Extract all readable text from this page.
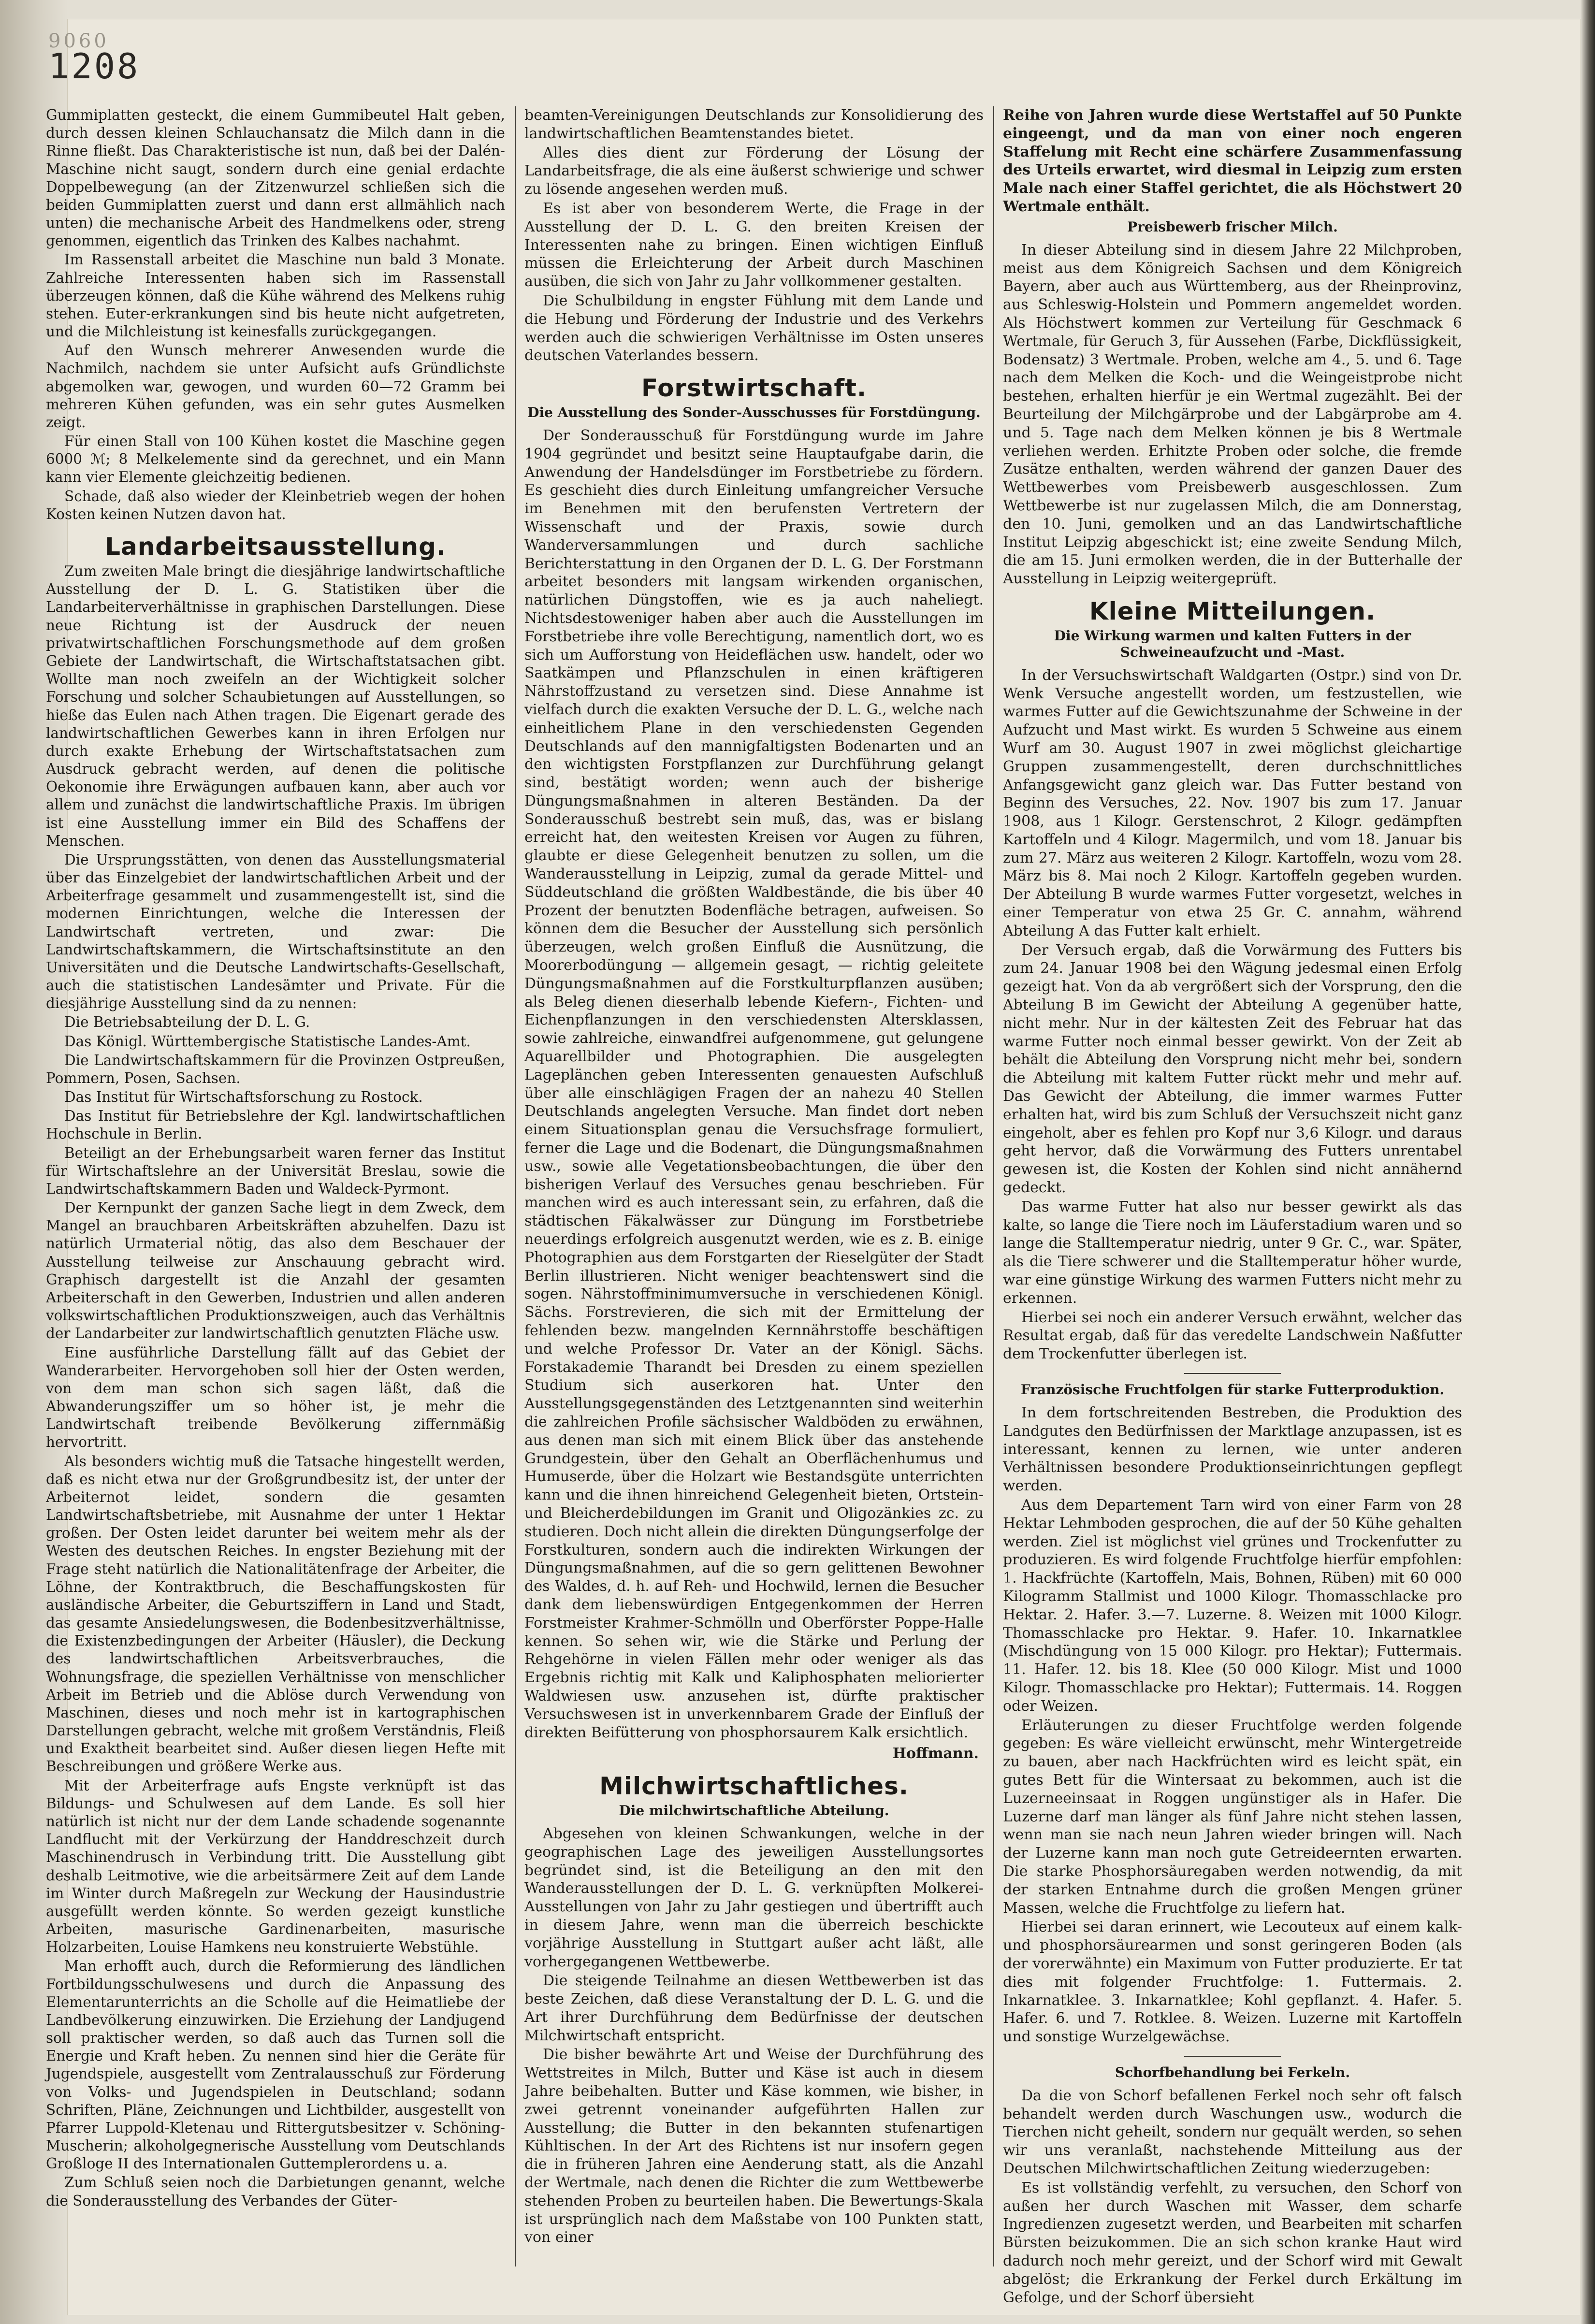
9060
1208

Gummiplatten gesteckt, die einem Gummibeutel Halt geben, durch dessen kleinen Schlauchansatz die Milch dann in die Rinne fließt. Das Charakteristische ist nun, daß bei der Dalén-Maschine nicht saugt, sondern durch eine genial erdachte Doppelbewegung (an der Zitzenwurzel schließen sich die beiden Gummiplatten zuerst und dann erst allmählich nach unten) die mechanische Arbeit des Handmelkens oder, streng genommen, eigentlich das Trinken des Kalbes nachahmt.

Im Rassenstall arbeitet die Maschine nun bald 3 Monate. Zahlreiche Interessenten haben sich im Rassenstall überzeugen können, daß die Kühe während des Melkens ruhig stehen. Euter-erkrankungen sind bis heute nicht aufgetreten, und die Milchleistung ist keinesfalls zurückgegangen.

Auf den Wunsch mehrerer Anwesenden wurde die Nachmilch, nachdem sie unter Aufsicht aufs Gründlichste abgemolken war, gewogen, und wurden 60—72 Gramm bei mehreren Kühen gefunden, was ein sehr gutes Ausmelken zeigt.

Für einen Stall von 100 Kühen kostet die Maschine gegen 6000 ℳ; 8 Melkelemente sind da gerechnet, und ein Mann kann vier Elemente gleichzeitig bedienen.

Schade, daß also wieder der Kleinbetrieb wegen der hohen Kosten keinen Nutzen davon hat.

Landarbeitsausstellung.

Zum zweiten Male bringt die diesjährige landwirtschaftliche Ausstellung der D. L. G. Statistiken über die Landarbeiterverhältnisse in graphischen Darstellungen. Diese neue Richtung ist der Ausdruck der neuen privatwirtschaftlichen Forschungsmethode auf dem großen Gebiete der Landwirtschaft, die Wirtschaftstatsachen gibt. Wollte man noch zweifeln an der Wichtigkeit solcher Forschung und solcher Schaubietungen auf Ausstellungen, so hieße das Eulen nach Athen tragen. Die Eigenart gerade des landwirtschaftlichen Gewerbes kann in ihren Erfolgen nur durch exakte Erhebung der Wirtschaftstatsachen zum Ausdruck gebracht werden, auf denen die politische Oekonomie ihre Erwägungen aufbauen kann, aber auch vor allem und zunächst die landwirtschaftliche Praxis. Im übrigen ist eine Ausstellung immer ein Bild des Schaffens der Menschen.

Die Ursprungsstätten, von denen das Ausstellungsmaterial über das Einzelgebiet der landwirtschaftlichen Arbeit und der Arbeiterfrage gesammelt und zusammengestellt ist, sind die modernen Einrichtungen, welche die Interessen der Landwirtschaft vertreten, und zwar: Die Landwirtschaftskammern, die Wirtschaftsinstitute an den Universitäten und die Deutsche Landwirtschafts-Gesellschaft, auch die statistischen Landesämter und Private. Für die diesjährige Ausstellung sind da zu nennen:

Die Betriebsabteilung der D. L. G.

Das Königl. Württembergische Statistische Landes-Amt.

Die Landwirtschaftskammern für die Provinzen Ostpreußen, Pommern, Posen, Sachsen.

Das Institut für Wirtschaftsforschung zu Rostock.

Das Institut für Betriebslehre der Kgl. landwirtschaftlichen Hochschule in Berlin.

Beteiligt an der Erhebungsarbeit waren ferner das Institut für Wirtschaftslehre an der Universität Breslau, sowie die Landwirtschaftskammern Baden und Waldeck-Pyrmont.

Der Kernpunkt der ganzen Sache liegt in dem Zweck, dem Mangel an brauchbaren Arbeitskräften abzuhelfen. Dazu ist natürlich Urmaterial nötig, das also dem Beschauer der Ausstellung teilweise zur Anschauung gebracht wird. Graphisch dargestellt ist die Anzahl der gesamten Arbeiterschaft in den Gewerben, Industrien und allen anderen volkswirtschaftlichen Produktionszweigen, auch das Verhältnis der Landarbeiter zur landwirtschaftlich genutzten Fläche usw.

Eine ausführliche Darstellung fällt auf das Gebiet der Wanderarbeiter. Hervorgehoben soll hier der Osten werden, von dem man schon sich sagen läßt, daß die Abwanderungsziffer um so höher ist, je mehr die Landwirtschaft treibende Bevölkerung ziffernmäßig hervortritt.

Als besonders wichtig muß die Tatsache hingestellt werden, daß es nicht etwa nur der Großgrundbesitz ist, der unter der Arbeiternot leidet, sondern die gesamten Landwirtschaftsbetriebe, mit Ausnahme der unter 1 Hektar großen. Der Osten leidet darunter bei weitem mehr als der Westen des deutschen Reiches. In engster Beziehung mit der Frage steht natürlich die Nationalitätenfrage der Arbeiter, die Löhne, der Kontraktbruch, die Beschaffungskosten für ausländische Arbeiter, die Geburtsziffern in Land und Stadt, das gesamte Ansiedelungswesen, die Bodenbesitzverhältnisse, die Existenzbedingungen der Arbeiter (Häusler), die Deckung des landwirtschaftlichen Arbeitsverbrauches, die Wohnungsfrage, die speziellen Verhältnisse von menschlicher Arbeit im Betrieb und die Ablöse durch Verwendung von Maschinen, dieses und noch mehr ist in kartographischen Darstellungen gebracht, welche mit großem Verständnis, Fleiß und Exaktheit bearbeitet sind. Außer diesen liegen Hefte mit Beschreibungen und größere Werke aus.

Mit der Arbeiterfrage aufs Engste verknüpft ist das Bildungs- und Schulwesen auf dem Lande. Es soll hier natürlich ist nicht nur der dem Lande schadende sogenannte Landflucht mit der Verkürzung der Handdreschzeit durch Maschinendrusch in Verbindung tritt. Die Ausstellung gibt deshalb Leitmotive, wie die arbeitsärmere Zeit auf dem Lande im Winter durch Maßregeln zur Weckung der Hausindustrie ausgefüllt werden könnte. So werden gezeigt kunstliche Arbeiten, masurische Gardinenarbeiten, masurische Holzarbeiten, Louise Hamkens neu konstruierte Webstühle.

Man erhofft auch, durch die Reformierung des ländlichen Fortbildungsschulwesens und durch die Anpassung des Elementarunterrichts an die Scholle auf die Heimatliebe der Landbevölkerung einzuwirken. Die Erziehung der Landjugend soll praktischer werden, so daß auch das Turnen soll die Energie und Kraft heben. Zu nennen sind hier die Geräte für Jugendspiele, ausgestellt vom Zentralausschuß zur Förderung von Volks- und Jugendspielen in Deutschland; sodann Schriften, Pläne, Zeichnungen und Lichtbilder, ausgestellt von Pfarrer Luppold-Kletenau und Rittergutsbesitzer v. Schöning-Muscherin; alkoholgegnerische Ausstellung vom Deutschlands Großloge II des Internationalen Guttemplerordens u. a.

Zum Schluß seien noch die Darbietungen genannt, welche die Sonderausstellung des Verbandes der Güter-

beamten-Vereinigungen Deutschlands zur Konsolidierung des landwirtschaftlichen Beamtenstandes bietet.

Alles dies dient zur Förderung der Lösung der Landarbeitsfrage, die als eine äußerst schwierige und schwer zu lösende angesehen werden muß.

Es ist aber von besonderem Werte, die Frage in der Ausstellung der D. L. G. den breiten Kreisen der Interessenten nahe zu bringen. Einen wichtigen Einfluß müssen die Erleichterung der Arbeit durch Maschinen ausüben, die sich von Jahr zu Jahr vollkommener gestalten.

Die Schulbildung in engster Fühlung mit dem Lande und die Hebung und Förderung der Industrie und des Verkehrs werden auch die schwierigen Verhältnisse im Osten unseres deutschen Vaterlandes bessern.

Forstwirtschaft.
Die Ausstellung des Sonder-Ausschusses für Forstdüngung.

Der Sonderausschuß für Forstdüngung wurde im Jahre 1904 gegründet und besitzt seine Hauptaufgabe darin, die Anwendung der Handelsdünger im Forstbetriebe zu fördern. Es geschieht dies durch Einleitung umfangreicher Versuche im Benehmen mit den berufensten Vertretern der Wissenschaft und der Praxis, sowie durch Wanderversammlungen und durch sachliche Berichterstattung in den Organen der D. L. G. Der Forstmann arbeitet besonders mit langsam wirkenden organischen, natürlichen Düngstoffen, wie es ja auch naheliegt. Nichtsdestoweniger haben aber auch die Ausstellungen im Forstbetriebe ihre volle Berechtigung, namentlich dort, wo es sich um Aufforstung von Heideflächen usw. handelt, oder wo Saatkämpen und Pflanzschulen in einen kräftigeren Nährstoffzustand zu versetzen sind. Diese Annahme ist vielfach durch die exakten Versuche der D. L. G., welche nach einheitlichem Plane in den verschiedensten Gegenden Deutschlands auf den mannigfaltigsten Bodenarten und an den wichtigsten Forstpflanzen zur Durchführung gelangt sind, bestätigt worden; wenn auch der bisherige Düngungsmaßnahmen in alteren Beständen. Da der Sonderausschuß bestrebt sein muß, das, was er bislang erreicht hat, den weitesten Kreisen vor Augen zu führen, glaubte er diese Gelegenheit benutzen zu sollen, um die Wanderausstellung in Leipzig, zumal da gerade Mittel- und Süddeutschland die größten Waldbestände, die bis über 40 Prozent der benutzten Bodenfläche betragen, aufweisen. So können dem die Besucher der Ausstellung sich persönlich überzeugen, welch großen Einfluß die Ausnützung, die Moorerbodüngung — allgemein gesagt, — richtig geleitete Düngungsmaßnahmen auf die Forstkulturpflanzen ausüben; als Beleg dienen dieserhalb lebende Kiefern-, Fichten- und Eichenpflanzungen in den verschiedensten Altersklassen, sowie zahlreiche, einwandfrei aufgenommene, gut gelungene Aquarellbilder und Photographien. Die ausgelegten Lageplänchen geben Interessenten genauesten Aufschluß über alle einschlägigen Fragen der an nahezu 40 Stellen Deutschlands angelegten Versuche. Man findet dort neben einem Situationsplan genau die Versuchsfrage formuliert, ferner die Lage und die Bodenart, die Düngungsmaßnahmen usw., sowie alle Vegetationsbeobachtungen, die über den bisherigen Verlauf des Versuches genau beschrieben. Für manchen wird es auch interessant sein, zu erfahren, daß die städtischen Fäkalwässer zur Düngung im Forstbetriebe neuerdings erfolgreich ausgenutzt werden, wie es z. B. einige Photographien aus dem Forstgarten der Rieselgüter der Stadt Berlin illustrieren. Nicht weniger beachtenswert sind die sogen. Nährstoffminimumversuche in verschiedenen Königl. Sächs. Forstrevieren, die sich mit der Ermittelung der fehlenden bezw. mangelnden Kernnährstoffe beschäftigen und welche Professor Dr. Vater an der Königl. Sächs. Forstakademie Tharandt bei Dresden zu einem speziellen Studium sich auserkoren hat. Unter den Ausstellungsgegenständen des Letztgenannten sind weiterhin die zahlreichen Profile sächsischer Waldböden zu erwähnen, aus denen man sich mit einem Blick über das anstehende Grundgestein, über den Gehalt an Oberflächenhumus und Humuserde, über die Holzart wie Bestandsgüte unterrichten kann und die ihnen hinreichend Gelegenheit bieten, Ortstein- und Bleicherdebildungen im Granit und Oligozänkies zc. zu studieren. Doch nicht allein die direkten Düngungserfolge der Forstkulturen, sondern auch die indirekten Wirkungen der Düngungsmaßnahmen, auf die so gern gelittenen Bewohner des Waldes, d. h. auf Reh- und Hochwild, lernen die Besucher dank dem liebenswürdigen Entgegenkommen der Herren Forstmeister Krahmer-Schmölln und Oberförster Poppe-Halle kennen. So sehen wir, wie die Stärke und Perlung der Rehgehörne in vielen Fällen mehr oder weniger als das Ergebnis richtig mit Kalk und Kaliphosphaten meliorierter Waldwiesen usw. anzusehen ist, dürfte praktischer Versuchswesen ist in unverkennbarem Grade der Einfluß der direkten Beifütterung von phosphorsaurem Kalk ersichtlich.

Hoffmann.
Milchwirtschaftliches.
Die milchwirtschaftliche Abteilung.

Abgesehen von kleinen Schwankungen, welche in der geographischen Lage des jeweiligen Ausstellungsortes begründet sind, ist die Beteiligung an den mit den Wanderausstellungen der D. L. G. verknüpften Molkerei-Ausstellungen von Jahr zu Jahr gestiegen und übertrifft auch in diesem Jahre, wenn man die überreich beschickte vorjährige Ausstellung in Stuttgart außer acht läßt, alle vorhergegangenen Wettbewerbe.

Die steigende Teilnahme an diesen Wettbewerben ist das beste Zeichen, daß diese Veranstaltung der D. L. G. und die Art ihrer Durchführung dem Bedürfnisse der deutschen Milchwirtschaft entspricht.

Die bisher bewährte Art und Weise der Durchführung des Wettstreites in Milch, Butter und Käse ist auch in diesem Jahre beibehalten. Butter und Käse kommen, wie bisher, in zwei getrennt voneinander aufgeführten Hallen zur Ausstellung; die Butter in den bekannten stufenartigen Kühltischen. In der Art des Richtens ist nur insofern gegen die in früheren Jahren eine Aenderung statt, als die Anzahl der Wertmale, nach denen die Richter die zum Wettbewerbe stehenden Proben zu beurteilen haben. Die Bewertungs-Skala ist ursprünglich nach dem Maßstabe von 100 Punkten statt, von einer

Reihe von Jahren wurde diese Wertstaffel auf 50 Punkte eingeengt, und da man von einer noch engeren Staffelung mit Recht eine schärfere Zusammenfassung des Urteils erwartet, wird diesmal in Leipzig zum ersten Male nach einer Staffel gerichtet, die als Höchstwert 20 Wertmale enthält.

Preisbewerb frischer Milch.

In dieser Abteilung sind in diesem Jahre 22 Milchproben, meist aus dem Königreich Sachsen und dem Königreich Bayern, aber auch aus Württemberg, aus der Rheinprovinz, aus Schleswig-Holstein und Pommern angemeldet worden. Als Höchstwert kommen zur Verteilung für Geschmack 6 Wertmale, für Geruch 3, für Aussehen (Farbe, Dickflüssigkeit, Bodensatz) 3 Wertmale. Proben, welche am 4., 5. und 6. Tage nach dem Melken die Koch- und die Weingeistprobe nicht bestehen, erhalten hierfür je ein Wertmal zugezählt. Bei der Beurteilung der Milchgärprobe und der Labgärprobe am 4. und 5. Tage nach dem Melken können je bis 8 Wertmale verliehen werden. Erhitzte Proben oder solche, die fremde Zusätze enthalten, werden während der ganzen Dauer des Wettbewerbes vom Preisbewerb ausgeschlossen. Zum Wettbewerbe ist nur zugelassen Milch, die am Donnerstag, den 10. Juni, gemolken und an das Landwirtschaftliche Institut Leipzig abgeschickt ist; eine zweite Sendung Milch, die am 15. Juni ermolken werden, die in der Butterhalle der Ausstellung in Leipzig weitergeprüft.

Kleine Mitteilungen.
Die Wirkung warmen und kalten Futters in der Schweineaufzucht und -Mast.

In der Versuchswirtschaft Waldgarten (Ostpr.) sind von Dr. Wenk Versuche angestellt worden, um festzustellen, wie warmes Futter auf die Gewichtszunahme der Schweine in der Aufzucht und Mast wirkt. Es wurden 5 Schweine aus einem Wurf am 30. August 1907 in zwei möglichst gleichartige Gruppen zusammengestellt, deren durchschnittliches Anfangsgewicht ganz gleich war. Das Futter bestand von Beginn des Versuches, 22. Nov. 1907 bis zum 17. Januar 1908, aus 1 Kilogr. Gerstenschrot, 2 Kilogr. gedämpften Kartoffeln und 4 Kilogr. Magermilch, und vom 18. Januar bis zum 27. März aus weiteren 2 Kilogr. Kartoffeln, wozu vom 28. März bis 8. Mai noch 2 Kilogr. Kartoffeln gegeben wurden. Der Abteilung B wurde warmes Futter vorgesetzt, welches in einer Temperatur von etwa 25 Gr. C. annahm, während Abteilung A das Futter kalt erhielt.

Der Versuch ergab, daß die Vorwärmung des Futters bis zum 24. Januar 1908 bei den Wägung jedesmal einen Erfolg gezeigt hat. Von da ab vergrößert sich der Vorsprung, den die Abteilung B im Gewicht der Abteilung A gegenüber hatte, nicht mehr. Nur in der kältesten Zeit des Februar hat das warme Futter noch einmal besser gewirkt. Von der Zeit ab behält die Abteilung den Vorsprung nicht mehr bei, sondern die Abteilung mit kaltem Futter rückt mehr und mehr auf. Das Gewicht der Abteilung, die immer warmes Futter erhalten hat, wird bis zum Schluß der Versuchszeit nicht ganz eingeholt, aber es fehlen pro Kopf nur 3,6 Kilogr. und daraus geht hervor, daß die Vorwärmung des Futters unrentabel gewesen ist, die Kosten der Kohlen sind nicht annähernd gedeckt.

Das warme Futter hat also nur besser gewirkt als das kalte, so lange die Tiere noch im Läuferstadium waren und so lange die Stalltemperatur niedrig, unter 9 Gr. C., war. Später, als die Tiere schwerer und die Stalltemperatur höher wurde, war eine günstige Wirkung des warmen Futters nicht mehr zu erkennen.

Hierbei sei noch ein anderer Versuch erwähnt, welcher das Resultat ergab, daß für das veredelte Landschwein Naßfutter dem Trockenfutter überlegen ist.

Französische Fruchtfolgen für starke Futterproduktion.

In dem fortschreitenden Bestreben, die Produktion des Landgutes den Bedürfnissen der Marktlage anzupassen, ist es interessant, kennen zu lernen, wie unter anderen Verhältnissen besondere Produktionseinrichtungen gepflegt werden.

Aus dem Departement Tarn wird von einer Farm von 28 Hektar Lehmboden gesprochen, die auf der 50 Kühe gehalten werden. Ziel ist möglichst viel grünes und Trockenfutter zu produzieren. Es wird folgende Fruchtfolge hierfür empfohlen: 1. Hackfrüchte (Kartoffeln, Mais, Bohnen, Rüben) mit 60 000 Kilogramm Stallmist und 1000 Kilogr. Thomasschlacke pro Hektar. 2. Hafer. 3.—7. Luzerne. 8. Weizen mit 1000 Kilogr. Thomasschlacke pro Hektar. 9. Hafer. 10. Inkarnatklee (Mischdüngung von 15 000 Kilogr. pro Hektar); Futtermais. 11. Hafer. 12. bis 18. Klee (50 000 Kilogr. Mist und 1000 Kilogr. Thomasschlacke pro Hektar); Futtermais. 14. Roggen oder Weizen.

Erläuterungen zu dieser Fruchtfolge werden folgende gegeben: Es wäre vielleicht erwünscht, mehr Wintergetreide zu bauen, aber nach Hackfrüchten wird es leicht spät, ein gutes Bett für die Wintersaat zu bekommen, auch ist die Luzerneeinsaat in Roggen ungünstiger als in Hafer. Die Luzerne darf man länger als fünf Jahre nicht stehen lassen, wenn man sie nach neun Jahren wieder bringen will. Nach der Luzerne kann man noch gute Getreideernten erwarten. Die starke Phosphorsäuregaben werden notwendig, da mit der starken Entnahme durch die großen Mengen grüner Massen, welche die Fruchtfolge zu liefern hat.

Hierbei sei daran erinnert, wie Lecouteux auf einem kalk- und phosphorsäurearmen und sonst geringeren Boden (als der vorerwähnte) ein Maximum von Futter produzierte. Er tat dies mit folgender Fruchtfolge: 1. Futtermais. 2. Inkarnatklee. 3. Inkarnatklee; Kohl gepflanzt. 4. Hafer. 5. Hafer. 6. und 7. Rotklee. 8. Weizen. Luzerne mit Kartoffeln und sonstige Wurzelgewächse.

Schorfbehandlung bei Ferkeln.

Da die von Schorf befallenen Ferkel noch sehr oft falsch behandelt werden durch Waschungen usw., wodurch die Tierchen nicht geheilt, sondern nur gequält werden, so sehen wir uns veranlaßt, nachstehende Mitteilung aus der Deutschen Milchwirtschaftlichen Zeitung wiederzugeben:

Es ist vollständig verfehlt, zu versuchen, den Schorf von außen her durch Waschen mit Wasser, dem scharfe Ingredienzen zugesetzt werden, und Bearbeiten mit scharfen Bürsten beizukommen. Die an sich schon kranke Haut wird dadurch noch mehr gereizt, und der Schorf wird mit Gewalt abgelöst; die Erkrankung der Ferkel durch Erkältung im Gefolge, und der Schorf übersieht
